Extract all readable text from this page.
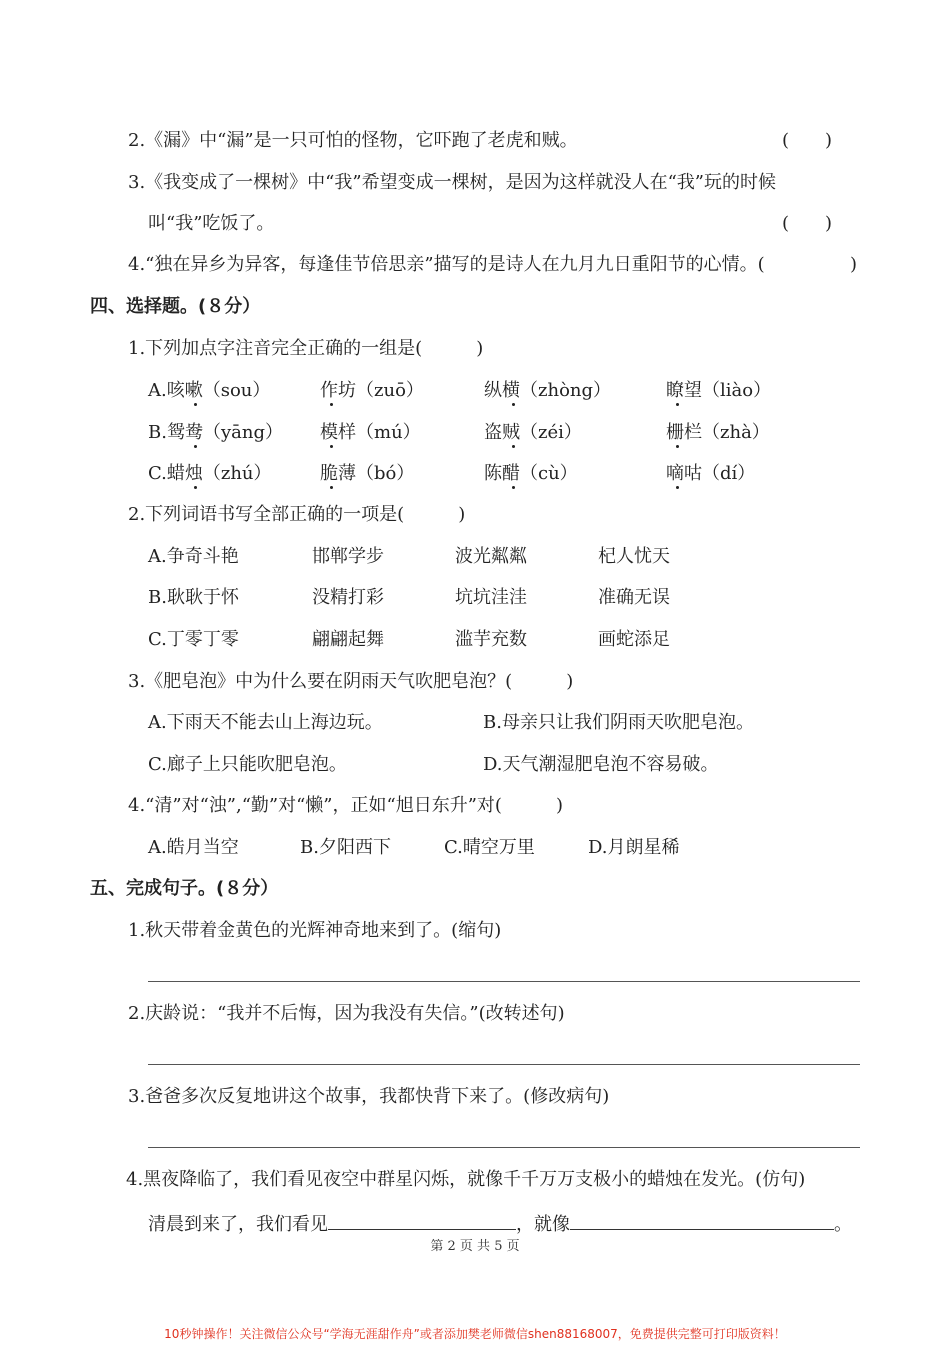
2.《漏》中“漏”是一只可怕的怪物，它吓跑了老虎和贼。	(　　)
3.《我变成了一棵树》中“我”希望变成一棵树，是因为这样就没人在“我”玩的时候
叫“我”吃饭了。	(　　)
4.“独在异乡为异客，每逢佳节倍思亲”描写的是诗人在九月九日重阳节的心情。(	)
四、选择题。(８分）
1.下列加点字注音完全正确的一组是(　　　)
A.咳嗽（sou）	作坊（zuō）	纵横（zhòng）	瞭望（liào）
B.鸳鸯（yāng） 模样（mú）	盗贼（zéi）	栅栏（zhà）
C.蜡烛（zhú）	脆薄（bó）	陈醋（cù）	嘀咕（dí）
2.下列词语书写全部正确的一项是(　　　)
A.争奇斗艳	邯郸学步	波光粼粼	杞人忧天
B.耿耿于怀	没精打彩	坑坑洼洼	准确无误
C.丁零丁零	翩翩起舞	滥芋充数	画蛇添足
3.《肥皂泡》中为什么要在阴雨天气吹肥皂泡？(　　　)
A.下雨天不能去山上海边玩。	B.母亲只让我们阴雨天吹肥皂泡。
C.廊子上只能吹肥皂泡。	D.天气潮湿肥皂泡不容易破。
4.“清”对“浊”,“勤”对“懒”，正如“旭日东升”对(　　　)
A.皓月当空	B.夕阳西下	C.晴空万里	D.月朗星稀
五、完成句子。(８分）
1.秋天带着金黄色的光辉神奇地来到了。(缩句)
2.庆龄说：“我并不后悔，因为我没有失信。”(改转述句)
3.爸爸多次反复地讲这个故事，我都快背下来了。(修改病句)
4.黑夜降临了，我们看见夜空中群星闪烁，就像千千万万支极小的蜡烛在发光。(仿句)
清晨到来了，我们看见	，就像	。
第 2 页 共 5 页
10秒钟操作！关注微信公众号“学海无涯甜作舟”或者添加樊老师微信shen88168007，免费提供完整可打印版资料！
